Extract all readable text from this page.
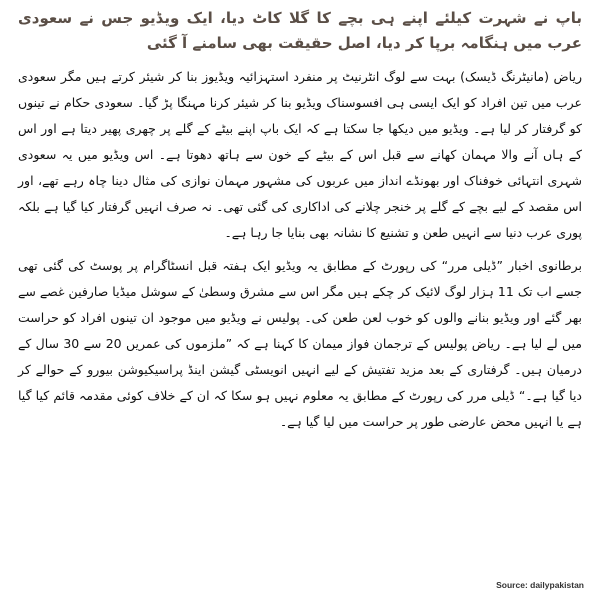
باپ نے شہرت کیلئے اپنے ہی بچے کا گلا کاٹ دیا، ایک ویڈیو جس نے سعودی عرب میں ہنگامہ برپا کر دیا، اصل حقیقت بھی سامنے آ گئی

ریاض (مانیٹرنگ ڈیسک) بہت سے لوگ انٹرنیٹ پر منفرد استہزائیہ ویڈیوز بنا کر شیئر کرتے ہیں مگر سعودی عرب میں تین افراد کو ایک ایسی ہی افسوسناک ویڈیو بنا کر شیئر کرنا مہنگا پڑ گیا۔ سعودی حکام نے تینوں کو گرفتار کر لیا ہے۔ ویڈیو میں دیکھا جا سکتا ہے کہ ایک باپ اپنے بیٹے کے گلے پر چھری پھیر دیتا ہے اور اس کے ہاں آنے والا مہمان کھانے سے قبل اس کے بیٹے کے خون سے ہاتھ دھوتا ہے۔ اس ویڈیو میں یہ سعودی شہری انتہائی خوفناک اور بھونڈے انداز میں عربوں کی مشہور مہمان نوازی کی مثال دینا چاہ رہے تھے، اور اس مقصد کے لیے بچے کے گلے پر خنجر چلانے کی اداکاری کی گئی تھی۔ نہ صرف انہیں گرفتار کیا گیا ہے بلکہ پوری عرب دنیا سے انہیں طعن و تشنیع کا نشانہ بھی بنایا جا رہا ہے۔

برطانوی اخبار ”ڈیلی مرر“ کی رپورٹ کے مطابق یہ ویڈیو ایک ہفتہ قبل انسٹاگرام پر پوسٹ کی گئی تھی جسے اب تک 11 ہزار لوگ لائیک کر چکے ہیں مگر اس سے مشرق وسطیٰ کے سوشل میڈیا صارفین غصے سے بھر گئے اور ویڈیو بنانے والوں کو خوب لعن طعن کی۔ پولیس نے ویڈیو میں موجود ان تینوں افراد کو حراست میں لے لیا ہے۔ ریاض پولیس کے ترجمان فواز میمان کا کہنا ہے کہ ”ملزموں کی عمریں 20 سے 30 سال کے درمیان ہیں۔ گرفتاری کے بعد مزید تفتیش کے لیے انہیں انویسٹی گیشن اینڈ پراسیکیوشن بیورو کے حوالے کر دیا گیا ہے۔“ ڈیلی مرر کی رپورٹ کے مطابق یہ معلوم نہیں ہو سکا کہ ان کے خلاف کوئی مقدمہ قائم کیا گیا ہے یا انہیں محض عارضی طور پر حراست میں لیا گیا ہے۔

Source: dailypakistan
